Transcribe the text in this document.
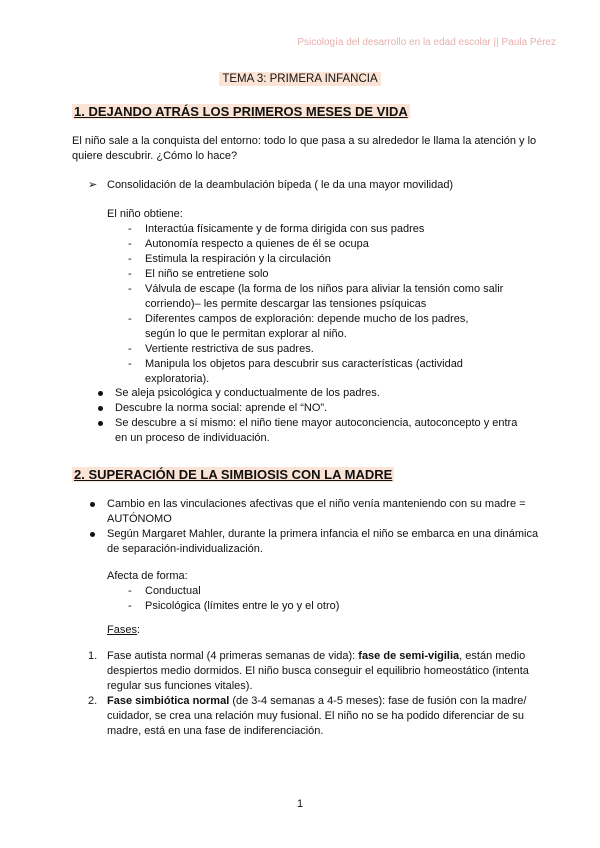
Psicología del desarrollo en la edad escolar || Paula Pérez
TEMA 3: PRIMERA INFANCIA
1. DEJANDO ATRÁS LOS PRIMEROS MESES DE VIDA
El niño sale a la conquista del entorno: todo lo que pasa a su alrededor le llama la atención y lo
quiere descubrir. ¿Cómo lo hace?
➢ Consolidación de la deambulación bípeda ( le da una mayor movilidad)
El niño obtiene:
- Interactúa físicamente y de forma dirigida con sus padres
- Autonomía respecto a quienes de él se ocupa
- Estimula la respiración y la circulación
- El niño se entretiene solo
- Válvula de escape (la forma de los niños para aliviar la tensión como salir
corriendo)– les permite descargar las tensiones psíquicas
- Diferentes campos de exploración: depende mucho de los padres,
según lo que le permitan explorar al niño.
- Vertiente restrictiva de sus padres.
- Manipula los objetos para descubrir sus características (actividad
exploratoria).
Se aleja psicológica y conductualmente de los padres.
Descubre la norma social: aprende el “NO”.
Se descubre a sí mismo: el niño tiene mayor autoconciencia, autoconcepto y entra
en un proceso de individuación.
2. SUPERACIÓN DE LA SIMBIOSIS CON LA MADRE
Cambio en las vinculaciones afectivas que el niño venía manteniendo con su madre =
AUTÓNOMO
Según Margaret Mahler, durante la primera infancia el niño se embarca en una dinámica
de separación-individualización.
Afecta de forma:
- Conductual
- Psicológica (límites entre le yo y el otro)
Fases:
1. Fase autista normal (4 primeras semanas de vida): fase de semi-vigilia, están medio
despiertos medio dormidos. El niño busca conseguir el equilibrio homeostático (intenta
regular sus funciones vitales).
2. Fase simbiótica normal (de 3-4 semanas a 4-5 meses): fase de fusión con la madre/
cuidador, se crea una relación muy fusional. El niño no se ha podido diferenciar de su
madre, está en una fase de indiferenciación.
1
